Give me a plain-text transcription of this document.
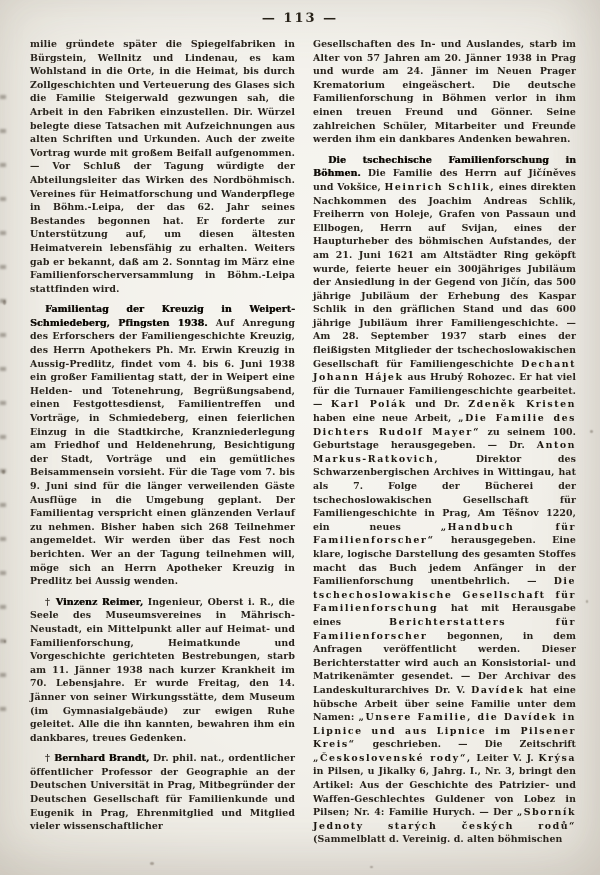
— 113 —

milie gründete später die Spiegelfabriken in Bürgstein, Wellnitz und Lindenau, es kam Wohlstand in die Orte, in die Heimat, bis durch Zollgeschichten und Verteuerung des Glases sich die Familie Steigerwald gezwungen sah, die Arbeit in den Fabriken einzustellen. Dir. Würzel belegte diese Tatsachen mit Aufzeichnungen aus alten Schriften und Urkunden. Auch der zweite Vortrag wurde mit großem Beifall aufgenommen. — Vor Schluß der Tagung würdigte der Abteilungsleiter das Wirken des Nordböhmisch. Vereines für Heimatforschung und Wanderpflege in Böhm.-Leipa, der das 62. Jahr seines Bestandes begonnen hat. Er forderte zur Unterstützung auf, um diesen ältesten Heimatverein lebensfähig zu erhalten. Weiters gab er bekannt, daß am 2. Sonntag im März eine Familienforscherversammlung in Böhm.-Leipa stattfinden wird.

Familientag der Kreuzig in Weipert-Schmiedeberg, Pfingsten 1938. Auf Anregung des Erforschers der Familiengeschichte Kreuzig, des Herrn Apothekers Ph. Mr. Erwin Kreuzig in Aussig-Predlitz, findet vom 4. bis 6. Juni 1938 ein großer Familientag statt, der in Weipert eine Helden- und Totenehrung, Begrüßungsabend, einen Festgottesdienst, Familientreffen und Vorträge, in Schmiedeberg, einen feierlichen Einzug in die Stadtkirche, Kranzniederlegung am Friedhof und Heldenehrung, Besichtigung der Stadt, Vorträge und ein gemütliches Beisammensein vorsieht. Für die Tage vom 7. bis 9. Juni sind für die länger verweilenden Gäste Ausflüge in die Umgebung geplant. Der Familientag verspricht einen glänzenden Verlauf zu nehmen. Bisher haben sich 268 Teilnehmer angemeldet. Wir werden über das Fest noch berichten. Wer an der Tagung teilnehmen will, möge sich an Herrn Apotheker Kreuzig in Predlitz bei Aussig wenden.

† Vinzenz Reimer, Ingenieur, Oberst i. R., die Seele des Museumsvereines in Mährisch-Neustadt, ein Mittelpunkt aller auf Heimat- und Familienforschung, Heimatkunde und Vorgeschichte gerichteten Bestrebungen, starb am 11. Jänner 1938 nach kurzer Krankheit im 70. Lebensjahre. Er wurde Freitag, den 14. Jänner von seiner Wirkungsstätte, dem Museum (im Gymnasialgebäude) zur ewigen Ruhe geleitet. Alle die ihn kannten, bewahren ihm ein dankbares, treues Gedenken.

† Bernhard Brandt, Dr. phil. nat., ordentlicher öffentlicher Professor der Geographie an der Deutschen Universität in Prag, Mitbegründer der Deutschen Gesellschaft für Familienkunde und Eugenik in Prag, Ehrenmitglied und Mitglied vieler wissenschaftlicher

Gesellschaften des In- und Auslandes, starb im Alter von 57 Jahren am 20. Jänner 1938 in Prag und wurde am 24. Jänner im Neuen Prager Krematorium eingeäschert. Die deutsche Familienforschung in Böhmen verlor in ihm einen treuen Freund und Gönner. Seine zahlreichen Schüler, Mitarbeiter und Freunde werden ihm ein dankbares Andenken bewahren.

Die tschechische Familienforschung in Böhmen. Die Familie des Herrn auf Jičíněves und Vokšice, Heinrich Schlik, eines direkten Nachkommen des Joachim Andreas Schlik, Freiherrn von Holeje, Grafen von Passaun und Ellbogen, Herrn auf Svijan, eines der Haupturheber des böhmischen Aufstandes, der am 21. Juni 1621 am Altstädter Ring geköpft wurde, feierte heuer ein 300jähriges Jubiläum der Ansiedlung in der Gegend von Jičín, das 500 jährige Jubiläum der Erhebung des Kaspar Schlik in den gräflichen Stand und das 600 jährige Jubiläum ihrer Familiengeschichte. — Am 28. September 1937 starb eines der fleißigsten Mitglieder der tschechoslowakischen Gesellschaft für Familiengeschichte Dechant Johann Hájek aus Hrubý Rohozec. Er hat viel für die Turnauer Familiengeschichte gearbeitet. — Karl Polák und Dr. Zdeněk Kristen haben eine neue Arbeit, „Die Familie des Dichters Rudolf Mayer“ zu seinem 100. Geburtstage herausgegeben. — Dr. Anton Markus-Ratkovich, Direktor des Schwarzenbergischen Archives in Wittingau, hat als 7. Folge der Bücherei der tschechoslowakischen Gesellschaft für Familiengeschichte in Prag, Am Těšnov 1220, ein neues „Handbuch für Familienforscher“ herausgegeben. Eine klare, logische Darstellung des gesamten Stoffes macht das Buch jedem Anfänger in der Familienforschung unentbehrlich. — Die tschechoslowakische Gesellschaft für Familienforschung hat mit Herausgabe eines Berichterstatters für Familienforscher begonnen, in dem Anfragen veröffentlicht werden. Dieser Berichterstatter wird auch an Konsistorial- und Matrikenämter gesendet. — Der Archivar des Landeskulturarchives Dr. V. Davídek hat eine hübsche Arbeit über seine Familie unter dem Namen: „Unsere Familie, die Davídek in Lipnice und aus Lipnice im Pilsener Kreis“ geschrieben. — Die Zeitschrift „Československé rody“, Leiter V. J. Krýsa in Pilsen, u Jikalky 6, Jahrg. I., Nr. 3, bringt den Artikel: Aus der Geschichte des Patrizier- und Waffen-Geschlechtes Guldener von Lobez in Pilsen; Nr. 4: Familie Hurych. — Der „Sborník Jednoty starých českých rodů“ (Sammelblatt d. Vereinig. d. alten böhmischen
